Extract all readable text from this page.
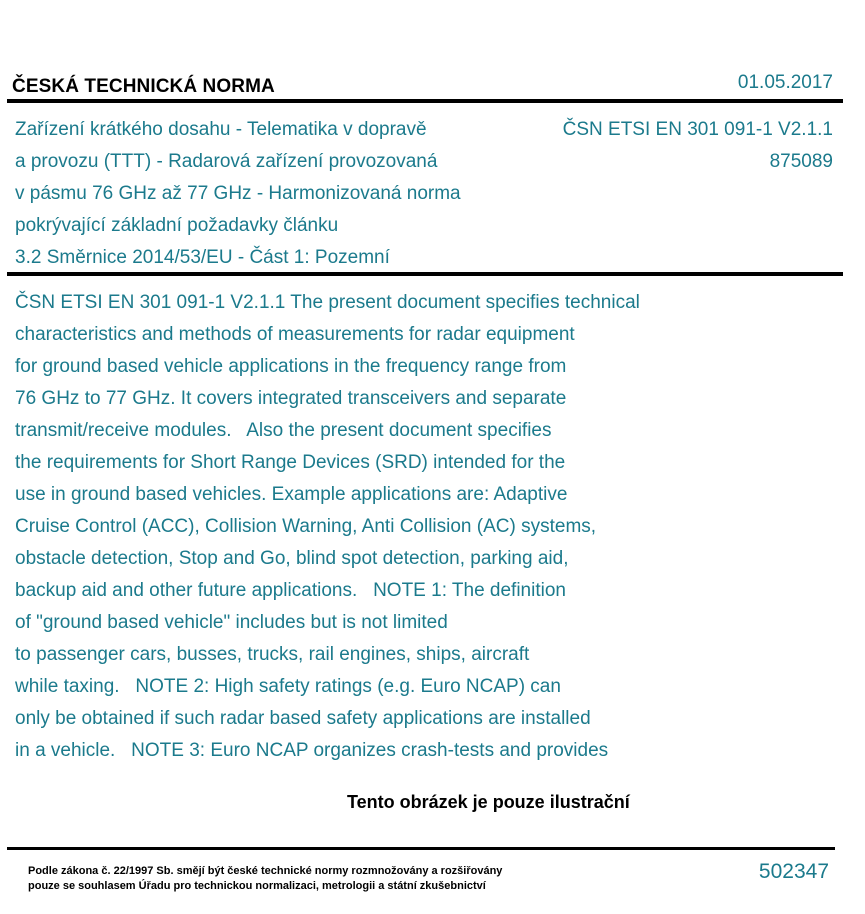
ČESKÁ TECHNICKÁ NORMA	01.05.2017
Zařízení krátkého dosahu - Telematika v dopravě
a provozu (TTT) - Radarová zařízení provozovaná
v pásmu 76 GHz až 77 GHz - Harmonizovaná norma
pokrývající základní požadavky článku
3.2 Směrnice 2014/53/EU - Část 1: Pozemní
ČSN ETSI EN 301 091-1 V2.1.1
875089
ČSN ETSI EN 301 091-1 V2.1.1 The present document specifies technical
characteristics and methods of measurements for radar equipment
for ground based vehicle applications in the frequency range from
76 GHz to 77 GHz. It covers integrated transceivers and separate
transmit/receive modules.   Also the present document specifies
the requirements for Short Range Devices (SRD) intended for the
use in ground based vehicles. Example applications are: Adaptive
Cruise Control (ACC), Collision Warning, Anti Collision (AC) systems,
obstacle detection, Stop and Go, blind spot detection, parking aid,
backup aid and other future applications.   NOTE 1: The definition
of "ground based vehicle" includes but is not limited
to passenger cars, busses, trucks, rail engines, ships, aircraft
while taxing.   NOTE 2: High safety ratings (e.g. Euro NCAP) can
only be obtained if such radar based safety applications are installed
in a vehicle.   NOTE 3: Euro NCAP organizes crash-tests and provides
Tento obrázek je pouze ilustrační
Podle zákona č. 22/1997 Sb. smějí být české technické normy rozmnožovány a rozšiřovány
pouze se souhlasem Úřadu pro technickou normalizaci, metrologii a státní zkušebnictví
502347
